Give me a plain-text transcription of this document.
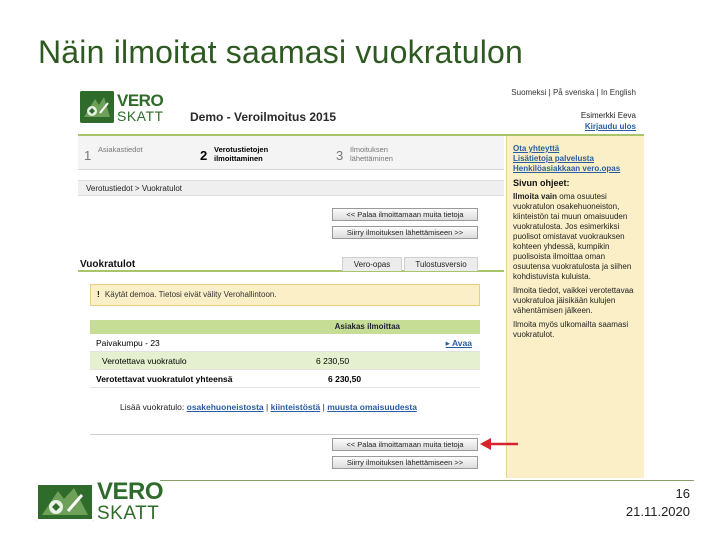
Näin ilmoitat saamasi vuokratulon
VERO
SKATT Demo - Veroilmoitus 2015
Suomeksi | På svenska | In English
Esimerkki Eeva
Kirjaudu ulos
1 Asiakastiedot	2 Verotustietojen ilmoittaminen	3 Ilmoituksen lähettäminen
Verotustiedot > Vuokratulot
<< Palaa ilmoittamaan muita tietoja
Siirry ilmoituksen lähettämiseen >>
Vuokratulot	Vero-opas	Tulostusversio
! Käytät demoa. Tietosi eivät välity Verohallintoon.
Asiakas ilmoittaa
Paivakumpu - 23	▸ Avaa
Verotettava vuokratulo	6 230,50
Verotettavat vuokratulot yhteensä	6 230,50
Lisää vuokratulo: osakehuoneistosta | kiinteistöstä | muusta omaisuudesta
<< Palaa ilmoittamaan muita tietoja
Siirry ilmoituksen lähettämiseen >>
Ota yhteyttä
Lisätietoja palvelusta
Henkilöasiakkaan vero.opas
Sivun ohjeet:
Ilmoita vain oma osuutesi vuokratulon osakehuoneiston, kiinteistön tai muun omaisuuden vuokratulosta. Jos esimerkiksi puolisot omistavat vuokrauksen kohteen yhdessä, kumpikin puolisoista ilmoittaa oman osuutensa vuokratulosta ja siihen kohdistuvista kuluista.
Ilmoita tiedot, vaikkei verotettavaa vuokratuloa jäisikään kulujen vähentämisen jälkeen.
Ilmoita myös ulkomailta saamasi vuokratulot.
VERO
SKATT
16
21.11.2020
